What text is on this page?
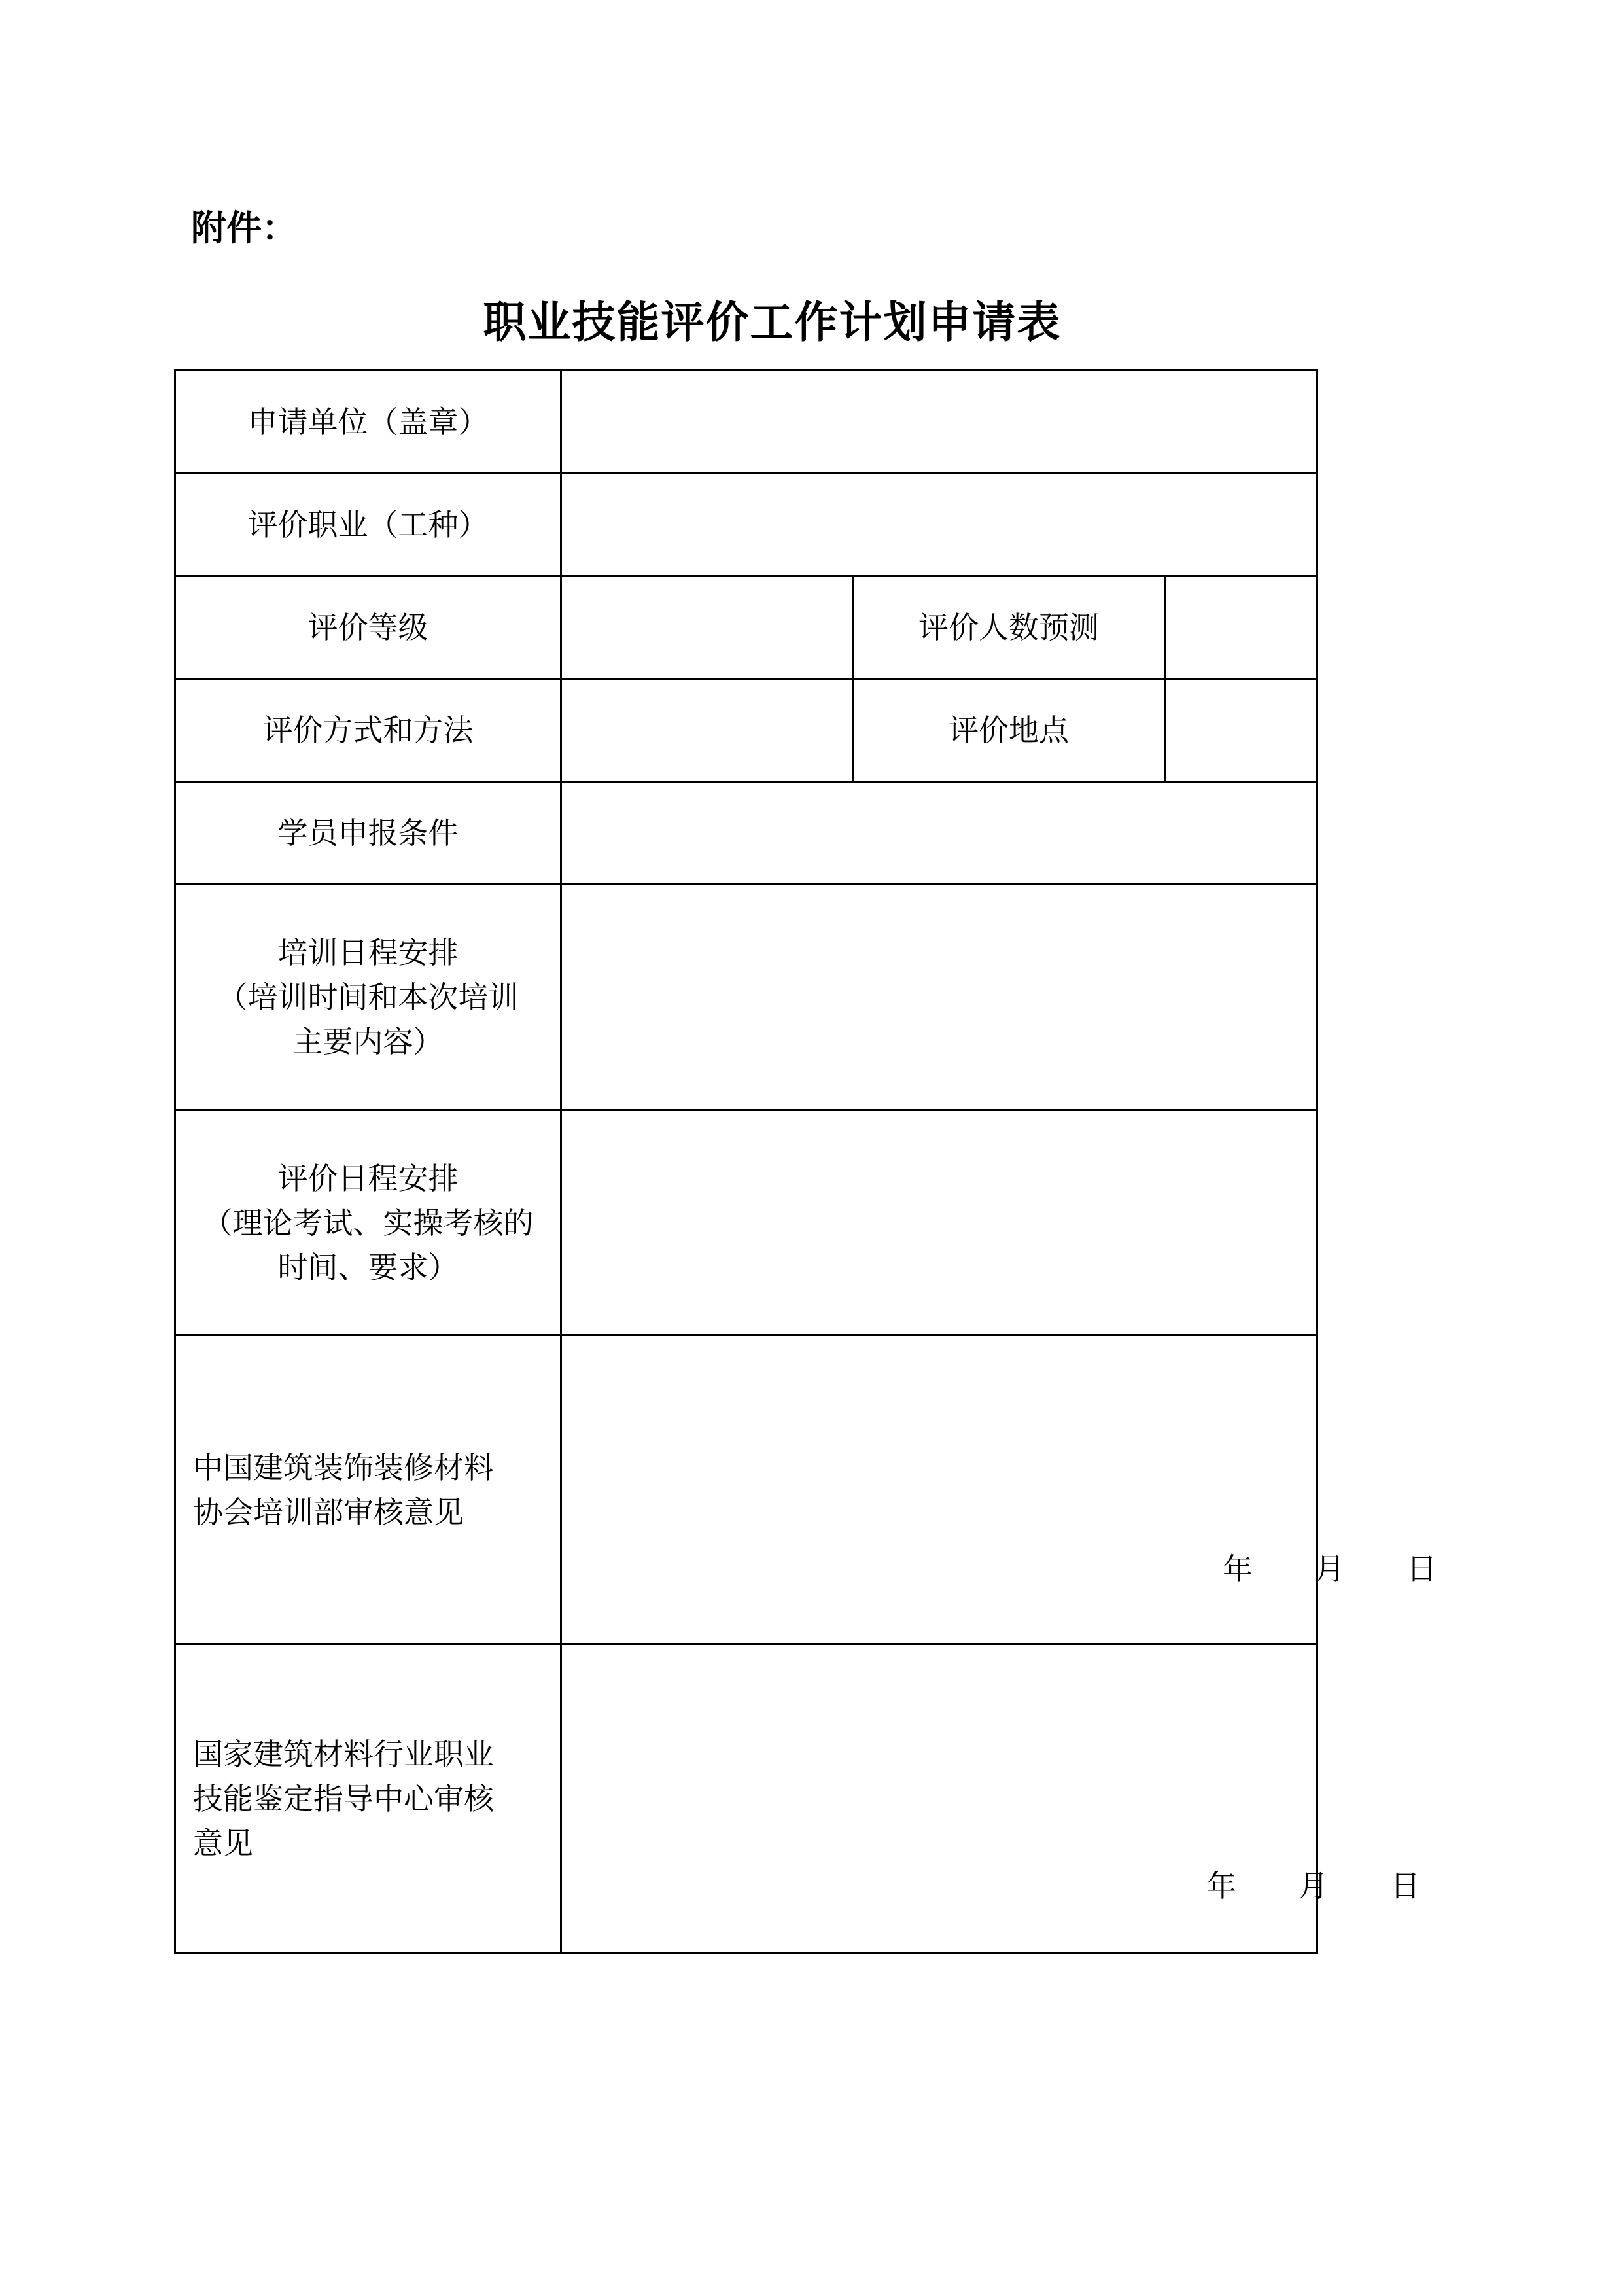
附件：
职业技能评价工作计划申请表
申请单位（盖章）			
评价职业（工种）			
评价等级		评价人数预测	
评价方式和方法		评价地点	
学员申报条件			

培训日程安排
（培训时间和本次培训
主要内容）			

评价日程安排
（理论考试、实操考核的
时间、要求）			

中国建筑装饰装修材料
协会培训部审核意见	年 月 日		

国家建筑材料行业职业
技能鉴定指导中心审核
意见	年 月 日		
